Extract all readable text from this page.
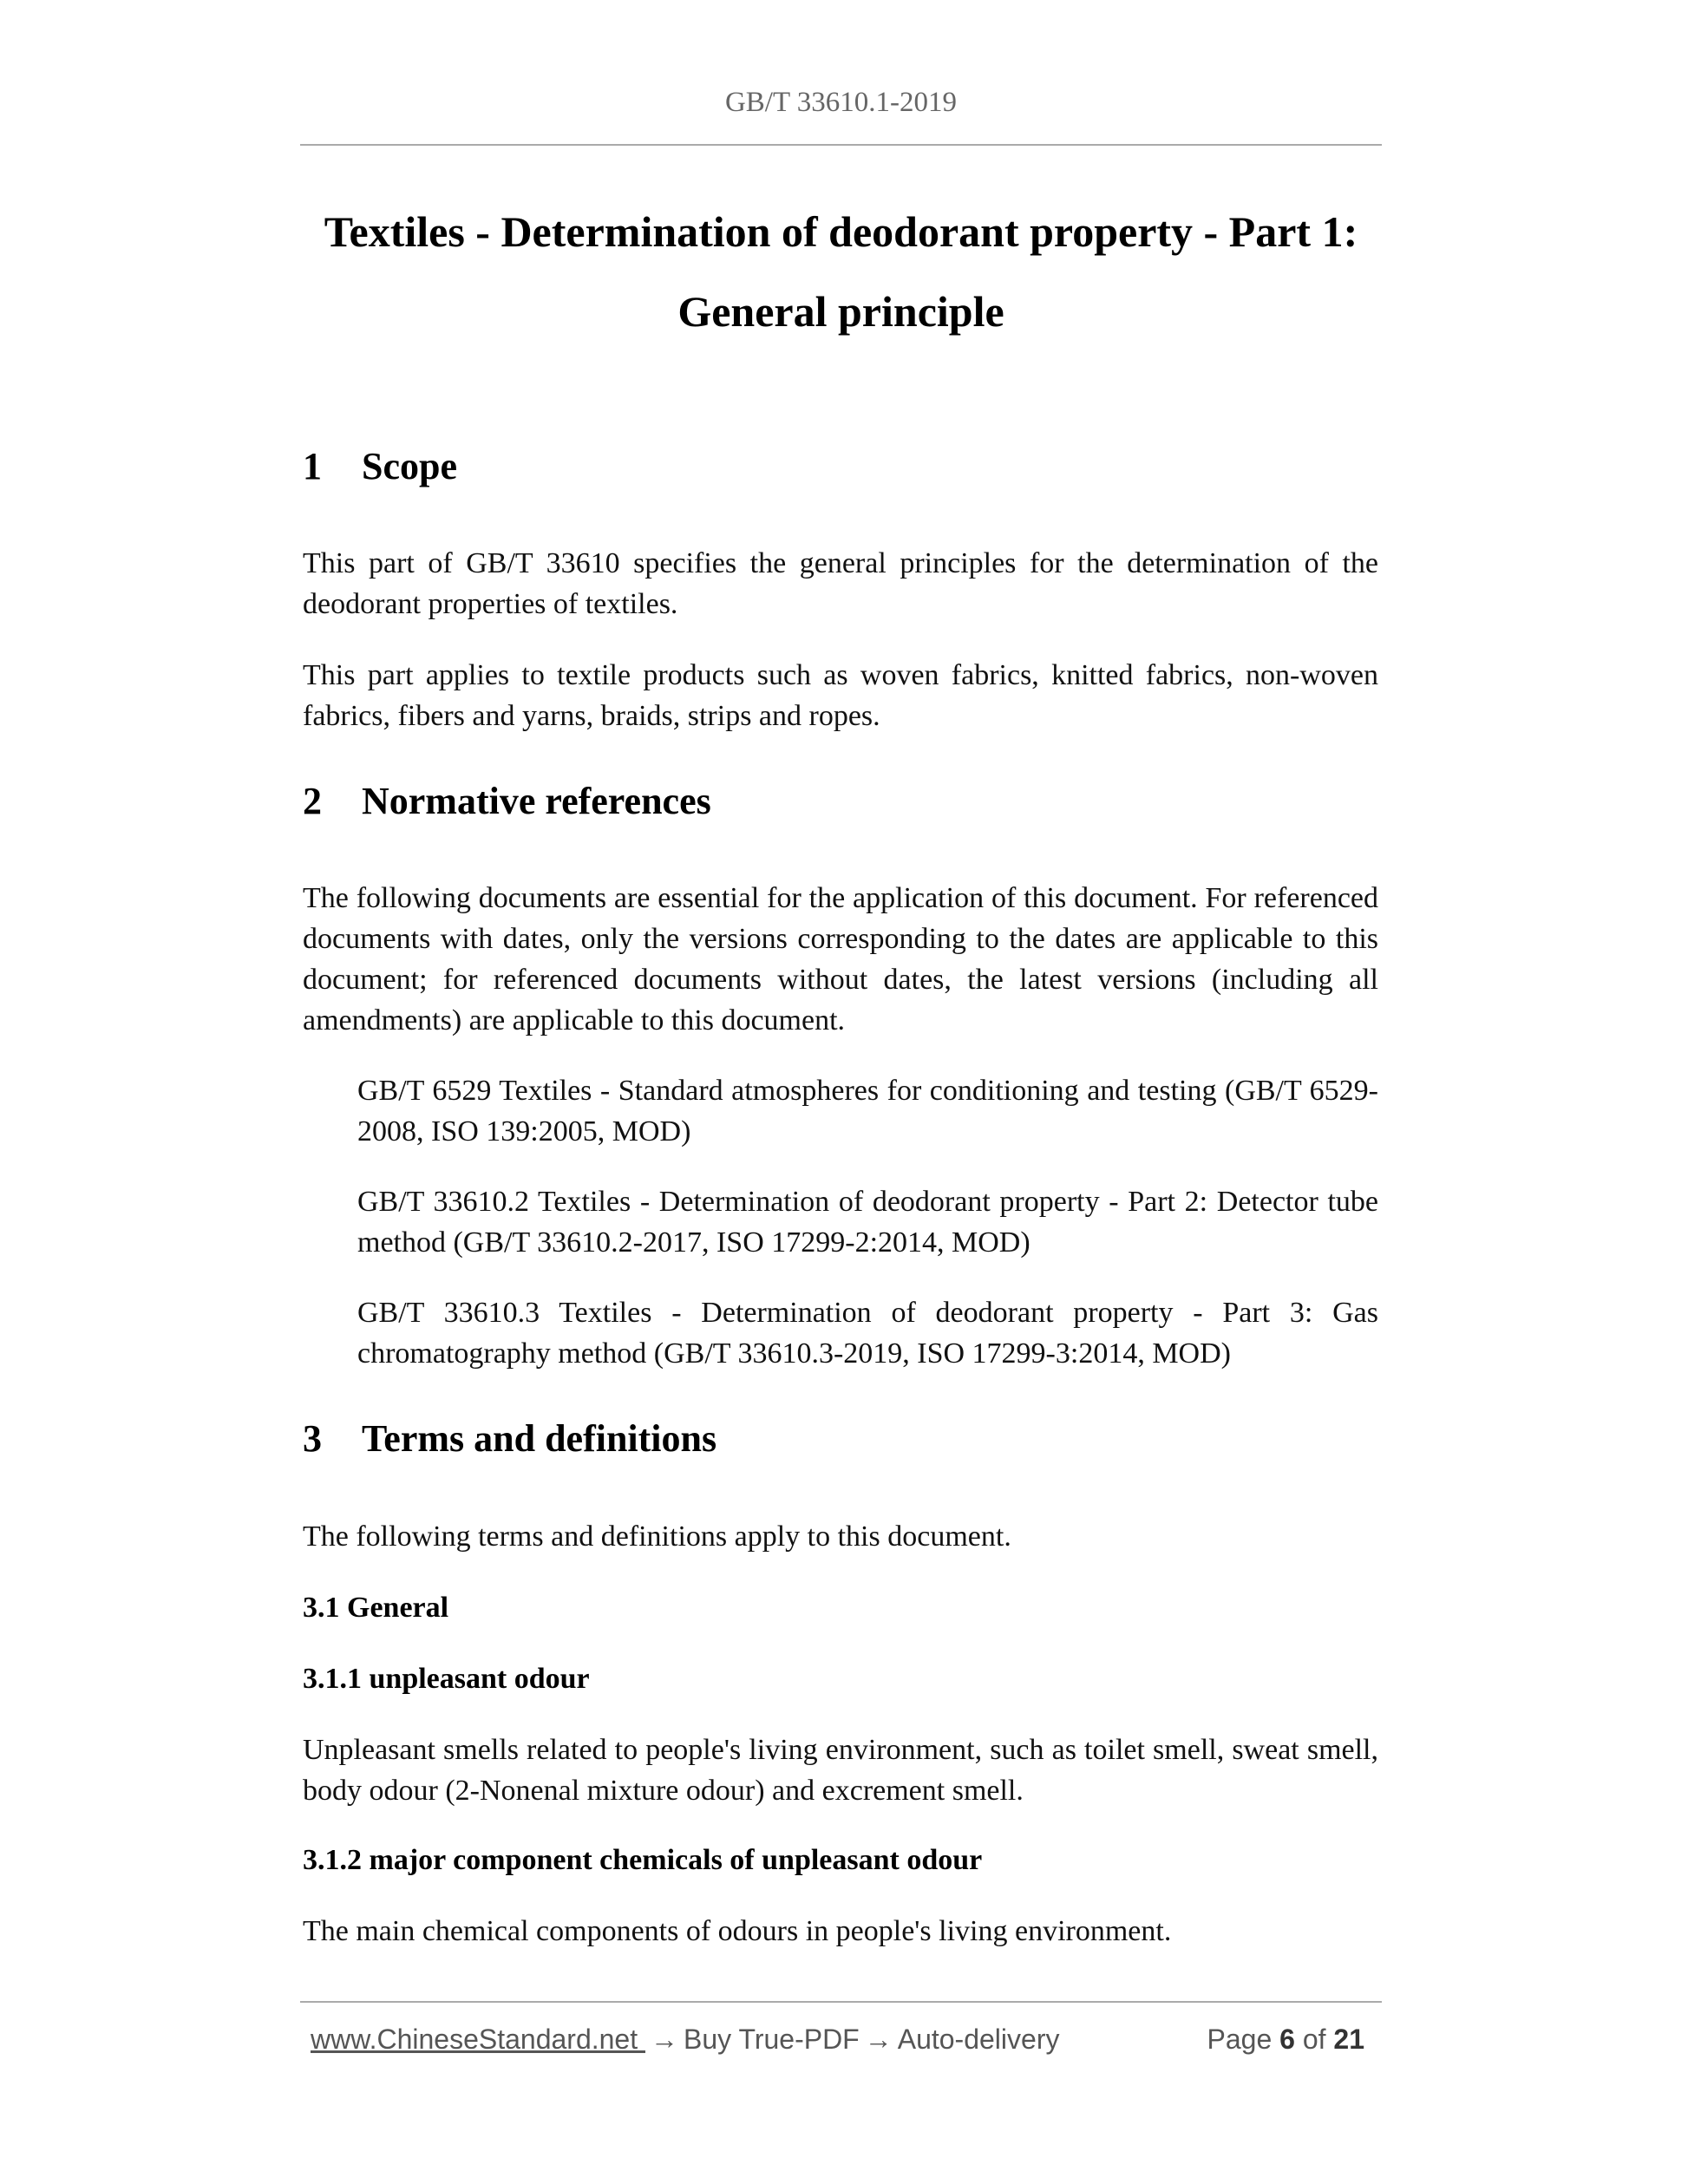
GB/T 33610.1-2019
Textiles - Determination of deodorant property - Part 1:
General principle
1 Scope
This part of GB/T 33610 specifies the general principles for the determination of the deodorant properties of textiles.
This part applies to textile products such as woven fabrics, knitted fabrics, non-woven fabrics, fibers and yarns, braids, strips and ropes.
2 Normative references
The following documents are essential for the application of this document. For referenced documents with dates, only the versions corresponding to the dates are applicable to this document; for referenced documents without dates, the latest versions (including all amendments) are applicable to this document.
GB/T 6529 Textiles - Standard atmospheres for conditioning and testing (GB/T 6529-2008, ISO 139:2005, MOD)
GB/T 33610.2 Textiles - Determination of deodorant property - Part 2: Detector tube method (GB/T 33610.2-2017, ISO 17299-2:2014, MOD)
GB/T 33610.3 Textiles - Determination of deodorant property - Part 3: Gas chromatography method (GB/T 33610.3-2019, ISO 17299-3:2014, MOD)
3 Terms and definitions
The following terms and definitions apply to this document.
3.1 General
3.1.1 unpleasant odour
Unpleasant smells related to people's living environment, such as toilet smell, sweat smell, body odour (2-Nonenal mixture odour) and excrement smell.
3.1.2 major component chemicals of unpleasant odour
The main chemical components of odours in people's living environment.
www.ChineseStandard.net → Buy True-PDF → Auto-delivery	Page 6 of 21
